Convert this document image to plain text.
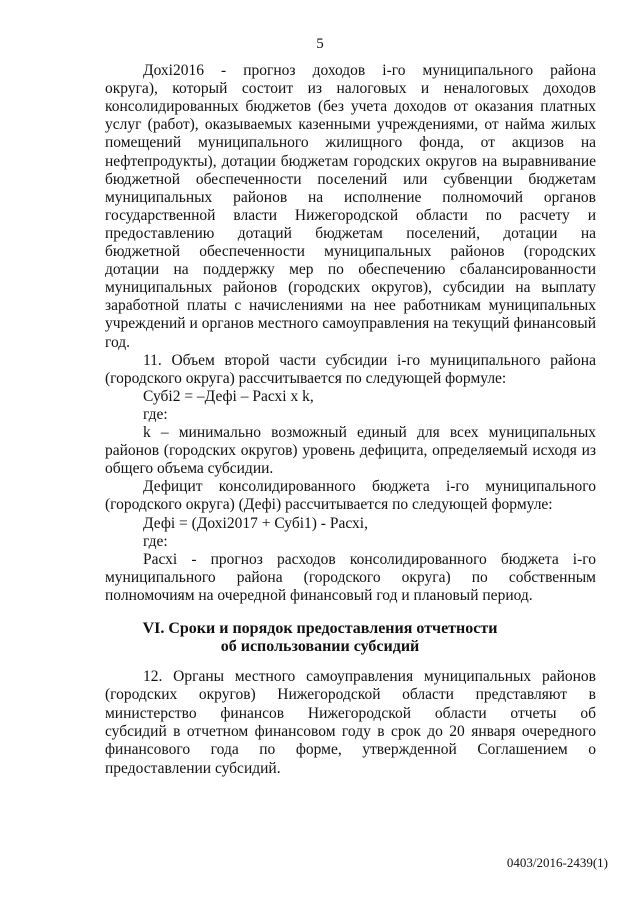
5
Дохi2016 - прогноз доходов i-го муниципального района
округа), который состоит из налоговых и неналоговых доходов
консолидированных бюджетов (без учета доходов от оказания платных
услуг (работ), оказываемых казенными учреждениями, от найма жилых
помещений муниципального жилищного фонда, от акцизов на
нефтепродукты), дотации бюджетам городских округов на выравнивание
бюджетной обеспеченности поселений или субвенции бюджетам
муниципальных районов на исполнение полномочий органов
государственной власти Нижегородской области по расчету и
предоставлению дотаций бюджетам поселений, дотации на
бюджетной обеспеченности муниципальных районов (городских
дотации на поддержку мер по обеспечению сбалансированности
муниципальных районов (городских округов), субсидии на выплату
заработной платы с начислениями на нее работникам муниципальных
учреждений и органов местного самоуправления на текущий финансовый
год.
11. Объем второй части субсидии i-го муниципального района
(городского округа) рассчитывается по следующей формуле:
Субi2 = –Дефi – Расхi x k,
где:
k – минимально возможный единый для всех муниципальных
районов (городских округов) уровень дефицита, определяемый исходя из
общего объема субсидии.
Дефицит консолидированного бюджета i-го муниципального
(городского округа) (Дефi) рассчитывается по следующей формуле:
Дефi = (Дохi2017 + Субi1) - Расхi,
где:
Расхi - прогноз расходов консолидированного бюджета i-го
муниципального района (городского округа) по собственным
полномочиям на очередной финансовый год и плановый период.
VI. Сроки и порядок предоставления отчетности
об использовании субсидий
12. Органы местного самоуправления муниципальных районов
(городских округов) Нижегородской области представляют в
министерство финансов Нижегородской области отчеты об
субсидий в отчетном финансовом году в срок до 20 января очередного
финансового года по форме, утвержденной Соглашением о
предоставлении субсидий.
0403/2016-2439(1)
